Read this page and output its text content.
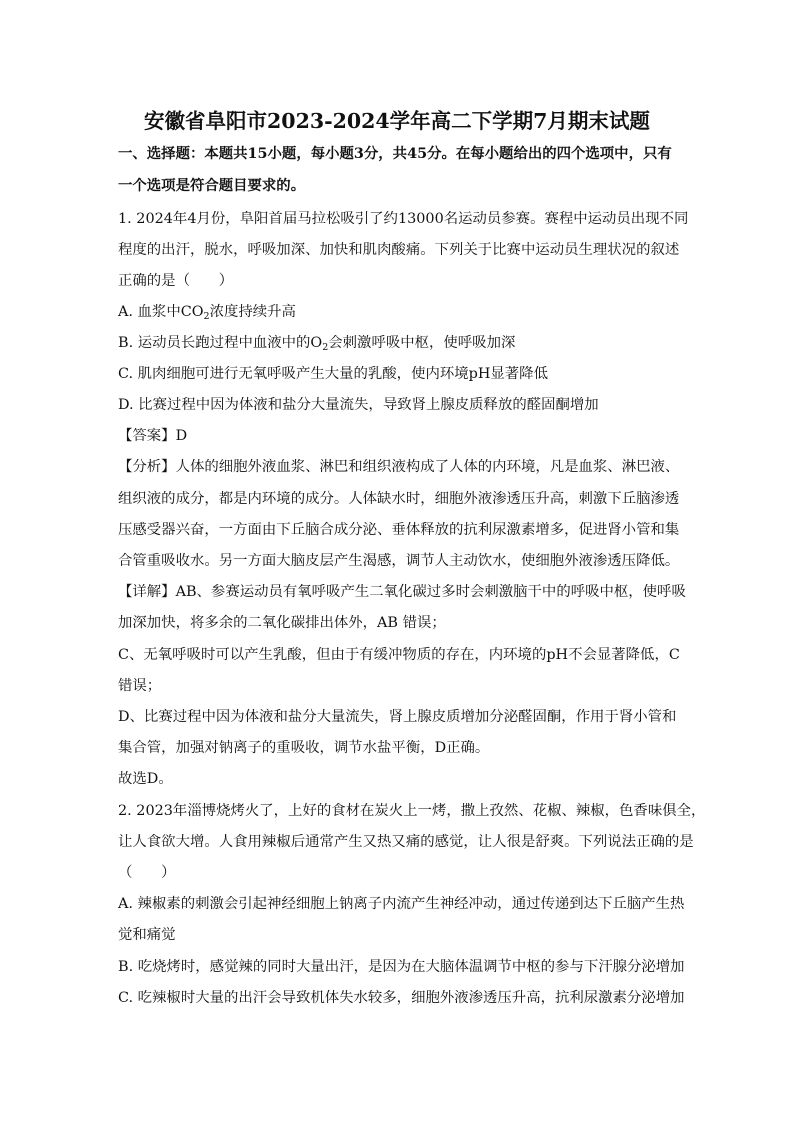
安徽省阜阳市2023-2024学年高二下学期7月期末试题
一、选择题：本题共15小题，每小题3分，共45分。在每小题给出的四个选项中，只有
一个选项是符合题目要求的。
1. 2024年4月份，阜阳首届马拉松吸引了约13000名运动员参赛。赛程中运动员出现不同
程度的出汗，脱水，呼吸加深、加快和肌肉酸痛。下列关于比赛中运动员生理状况的叙述
正确的是（　　）
A. 血浆中$CO_2$浓度持续升高
B. 运动员长跑过程中血液中的$O_2$会刺激呼吸中枢，使呼吸加深
C. 肌肉细胞可进行无氧呼吸产生大量的乳酸，使内环境pH显著降低
D. 比赛过程中因为体液和盐分大量流失，导致肾上腺皮质释放的醛固酮增加
【答案】D
【分析】人体的细胞外液血浆、淋巴和组织液构成了人体的内环境，凡是血浆、淋巴液、
组织液的成分，都是内环境的成分。人体缺水时，细胞外液渗透压升高，刺激下丘脑渗透
压感受器兴奋，一方面由下丘脑合成分泌、垂体释放的抗利尿激素增多，促进肾小管和集
合管重吸收水。另一方面大脑皮层产生渴感，调节人主动饮水，使细胞外液渗透压降低。
【详解】AB、参赛运动员有氧呼吸产生二氧化碳过多时会刺激脑干中的呼吸中枢，使呼吸
加深加快，将多余的二氧化碳排出体外，AB 错误；
C、无氧呼吸时可以产生乳酸，但由于有缓冲物质的存在，内环境的pH不会显著降低，C
错误；
D、比赛过程中因为体液和盐分大量流失，肾上腺皮质增加分泌醛固酮，作用于肾小管和
集合管，加强对钠离子的重吸收，调节水盐平衡，D正确。
故选D。
2. 2023年淄博烧烤火了，上好的食材在炭火上一烤，撒上孜然、花椒、辣椒，色香味俱全，
让人食欲大增。人食用辣椒后通常产生又热又痛的感觉，让人很是舒爽。下列说法正确的是
（　　）
A. 辣椒素的刺激会引起神经细胞上钠离子内流产生神经冲动，通过传递到达下丘脑产生热
觉和痛觉
B. 吃烧烤时，感觉辣的同时大量出汗，是因为在大脑体温调节中枢的参与下汗腺分泌增加
C. 吃辣椒时大量的出汗会导致机体失水较多，细胞外液渗透压升高，抗利尿激素分泌增加
